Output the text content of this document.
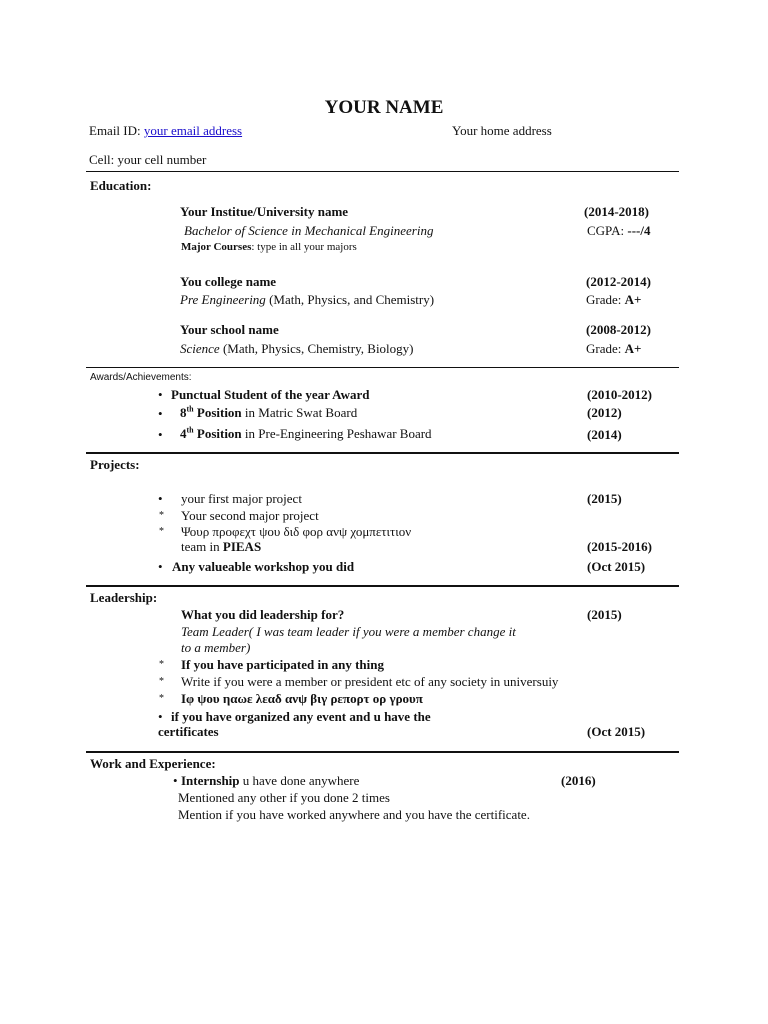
YOUR NAME
Email ID: your email address	Your home address
Cell: your cell number
Education:
Your Institue/University name	(2014-2018)
Bachelor of Science in Mechanical Engineering	CGPA: ---/4
Major Courses: type in all your majors
You college name	(2012-2014)
Pre Engineering (Math, Physics, and Chemistry)	Grade: A+
Your school name	(2008-2012)
Science (Math, Physics, Chemistry, Biology)	Grade: A+
Awards/Achievements:
• Punctual Student of the year Award	(2010-2012)
• 8th Position in Matric Swat Board	(2012)
• 4th Position in Pre-Engineering Peshawar Board	(2014)
Projects:
• your first major project	(2015)
* Your second major project
* Ψουρ προφεχτ ψου διδ φορ ανψ χομπετιτιον
team in PIEAS	(2015-2016)
• Any valueable workshop you did	(Oct 2015)
Leadership:
What you did leadership for?	(2015)
Team Leader( I was team leader if you were a member change it
to a member)
* If you have participated in any thing
* Write if you were a member or president etc of any society in universuiy
* Ιφ ψου ηαωε λεαδ ανψ βιγ ρεπορτ ορ γρουπ
• if you have organized any event and u have the
certificates	(Oct 2015)
Work and Experience:
• Internship u have done anywhere	(2016)
Mentioned any other if you done 2 times
Mention if you have worked anywhere and you have the certificate.
